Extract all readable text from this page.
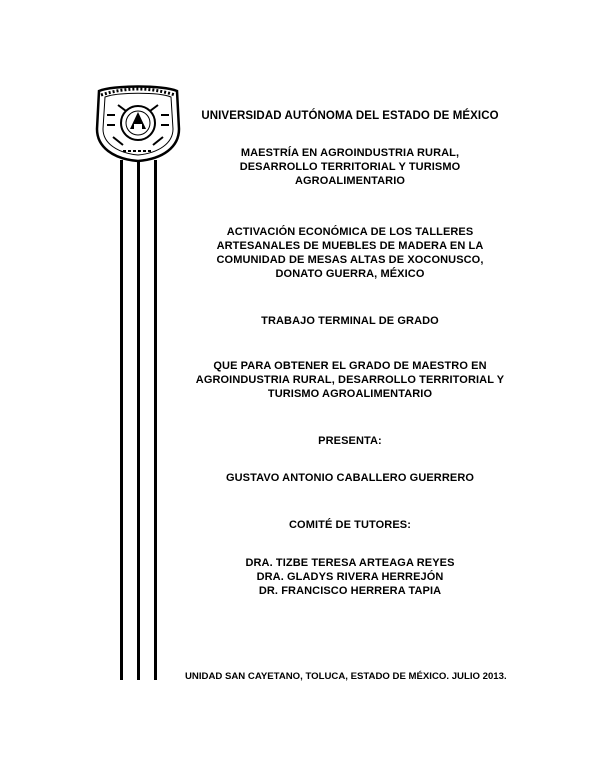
UNIVERSIDAD AUTÓNOMA DEL ESTADO DE MÉXICO
MAESTRÍA EN AGROINDUSTRIA RURAL,
DESARROLLO TERRITORIAL Y TURISMO
AGROALIMENTARIO
ACTIVACIÓN ECONÓMICA DE LOS TALLERES
ARTESANALES DE MUEBLES DE MADERA EN LA
COMUNIDAD DE MESAS ALTAS DE XOCONUSCO,
DONATO GUERRA, MÉXICO
TRABAJO TERMINAL DE GRADO
QUE PARA OBTENER EL GRADO DE MAESTRO EN
AGROINDUSTRIA RURAL, DESARROLLO TERRITORIAL Y
TURISMO AGROALIMENTARIO
PRESENTA:
GUSTAVO ANTONIO CABALLERO GUERRERO
COMITÉ DE TUTORES:
DRA. TIZBE TERESA ARTEAGA REYES
DRA. GLADYS RIVERA HERREJÓN
DR. FRANCISCO HERRERA TAPIA
UNIDAD SAN CAYETANO, TOLUCA, ESTADO DE MÉXICO. JULIO 2013.
